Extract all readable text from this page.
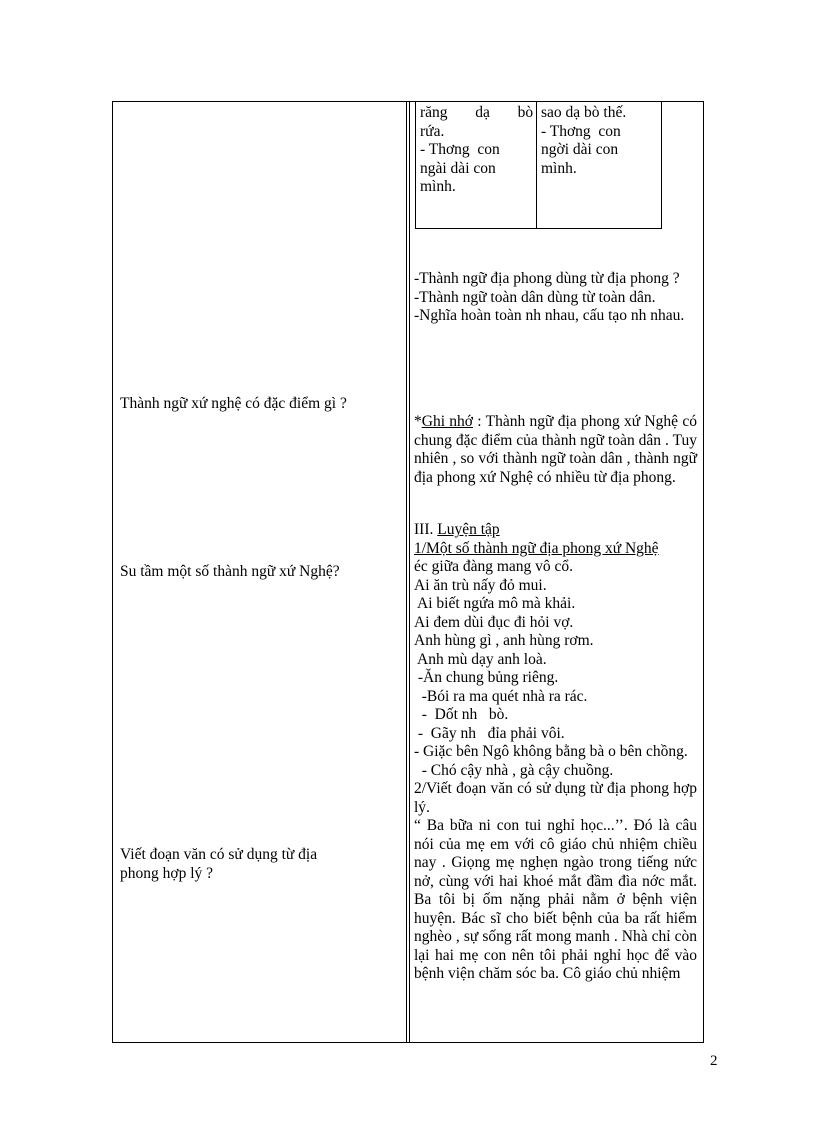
răng  dạ  bò
rứa.
- Thơng  con
ngài dài con
mình.
sao dạ bò thế.
- Thơng  con
ngời dài con
mình.
Thành ngữ xứ nghệ có đặc điểm gì ?
Su tầm một số thành ngữ xứ Nghệ?
Viết đoạn văn có sử dụng từ địa
phong hợp lý ?
-Thành ngữ địa phong dùng từ địa phong ?
-Thành ngữ toàn dân dùng từ toàn dân.
-Nghĩa hoàn toàn nh nhau, cấu tạo nh nhau.
*Ghi nhớ : Thành ngữ địa phong xứ Nghệ có chung đặc điểm của thành ngữ toàn dân . Tuy nhiên , so với thành ngữ toàn dân , thành ngữ địa phong xứ Nghệ có nhiều từ địa phong.
III. Luyện tập
1/Một số thành ngữ địa phong xứ Nghệ
éc giữa đàng mang vô cổ.
Ai ăn trù nấy đỏ mui.
Ai biết ngứa mô mà khải.
Ai đem dùi đục đi hỏi vợ.
Anh hùng gì , anh hùng rơm.
Anh mù dạy anh loà.
-Ăn chung bủng riêng.
-Bói ra ma quét nhà ra rác.
-  Dốt nh   bò.
-  Gãy nh   đỉa phải vôi.
- Giặc bên Ngô không bằng bà o bên chồng.
- Chó cậy nhà , gà cậy chuồng.
2/Viết đoạn văn có sử dụng từ địa phong hợp lý.
“ Ba bữa ni con tui nghỉ học...’’. Đó là câu nói của mẹ em với cô giáo chủ nhiệm chiều nay . Giọng mẹ nghẹn ngào trong tiếng nức nở, cùng với hai khoé mắt đầm đìa nớc mắt. Ba tôi bị ốm nặng phải nằm ở bệnh viện huyện. Bác sĩ cho biết bệnh của ba rất hiểm nghèo , sự sống rất mong manh . Nhà chỉ còn lại hai mẹ con nên tôi phải nghỉ học để vào bệnh viện chăm sóc ba. Cô giáo chủ nhiệm
2
